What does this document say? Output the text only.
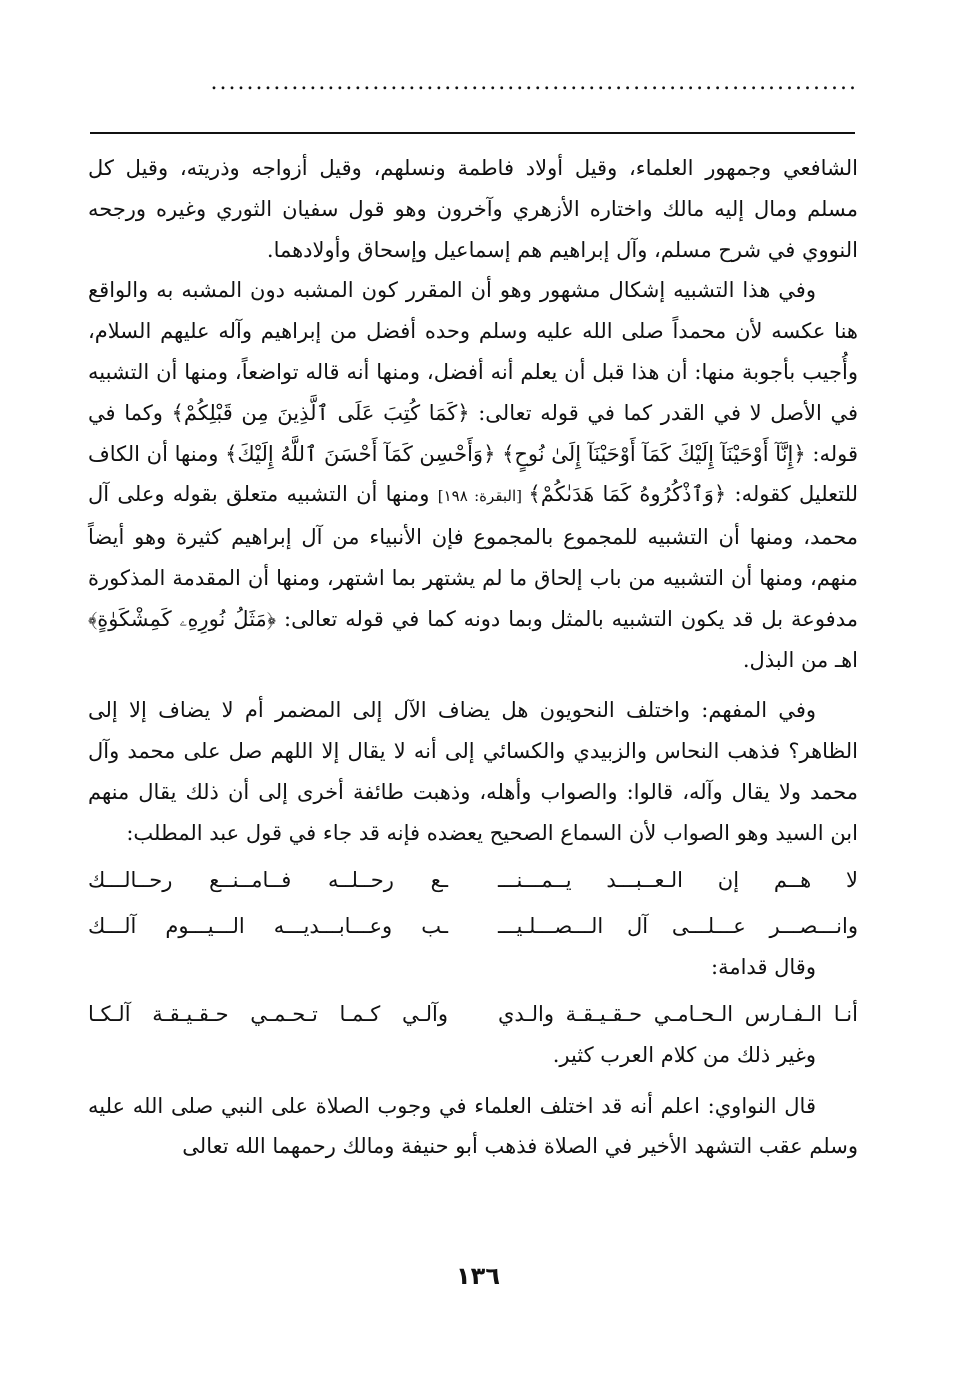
........................................................................

الشافعي وجمهور العلماء، وقيل أولاد فاطمة ونسلهم، وقيل أزواجه وذريته، وقيل كل مسلم ومال إليه مالك واختاره الأزهري وآخرون وهو قول سفيان الثوري وغيره ورجحه النووي في شرح مسلم، وآل إبراهيم هم إسماعيل وإسحاق وأولادهما.

وفي هذا التشبيه إشكال مشهور وهو أن المقرر كون المشبه دون المشبه به والواقع هنا عكسه لأن محمداً صلى الله عليه وسلم وحده أفضل من إبراهيم وآله عليهم السلام، وأُجيب بأجوبة منها: أن هذا قبل أن يعلم أنه أفضل، ومنها أنه قاله تواضعاً، ومنها أن التشبيه في الأصل لا في القدر كما في قوله تعالى: ﴿كَمَا كُتِبَ عَلَى ٱلَّذِينَ مِن قَبْلِكُمْ﴾ وكما في قوله: ﴿إِنَّآ أَوْحَيْنَآ إِلَيْكَ كَمَآ أَوْحَيْنَآ إِلَىٰ نُوحٍ﴾ ﴿وَأَحْسِن كَمَآ أَحْسَنَ ٱللَّهُ إِلَيْكَ﴾ ومنها أن الكاف للتعليل كقوله: ﴿وَٱذْكُرُوهُ كَمَا هَدَىٰكُمْ﴾ [البقرة: ١٩٨] ومنها أن التشبيه متعلق بقوله وعلى آل محمد، ومنها أن التشبيه للمجموع بالمجموع فإن الأنبياء من آل إبراهيم كثيرة وهو أيضاً منهم، ومنها أن التشبيه من باب إلحاق ما لم يشتهر بما اشتهر، ومنها أن المقدمة المذكورة مدفوعة بل قد يكون التشبيه بالمثل وبما دونه كما في قوله تعالى: ﴿مَثَلُ نُورِهِۦ كَمِشْكَوٰةٍ﴾ اهـ من البذل.

وفي المفهم: واختلف النحويون هل يضاف الآل إلى المضمر أم لا يضاف إلا إلى الظاهر؟ فذهب النحاس والزبيدي والكسائي إلى أنه لا يقال إلا اللهم صل على محمد وآل محمد ولا يقال وآله، قالوا: والصواب وأهله، وذهبت طائفة أخرى إلى أن ذلك يقال منهم ابن السيد وهو الصواب لأن السماع الصحيح يعضده فإنه قد جاء في قول عبد المطلب:

لا هــم إن الـعــبـــد يــمـــنـــ
ـع رحــلــه فــامــنــع رحــالـــك
وانـــصـــر عـــلـــى آل الـــصـــلـيـــ
ـب وعـــابـــديـــه الـــيـــوم آلـــك

وقال قدامة:

أنـا الـفـارس الـحـامـي حـقـيـقـة والـدي
وآلـي كـمـا تـحـمـي حـقـيـقـة آلـكـا

وغير ذلك من كلام العرب كثير.

قال النواوي: اعلم أنه قد اختلف العلماء في وجوب الصلاة على النبي صلى الله عليه وسلم عقب التشهد الأخير في الصلاة فذهب أبو حنيفة ومالك رحمهما الله تعالى

١٣٦
